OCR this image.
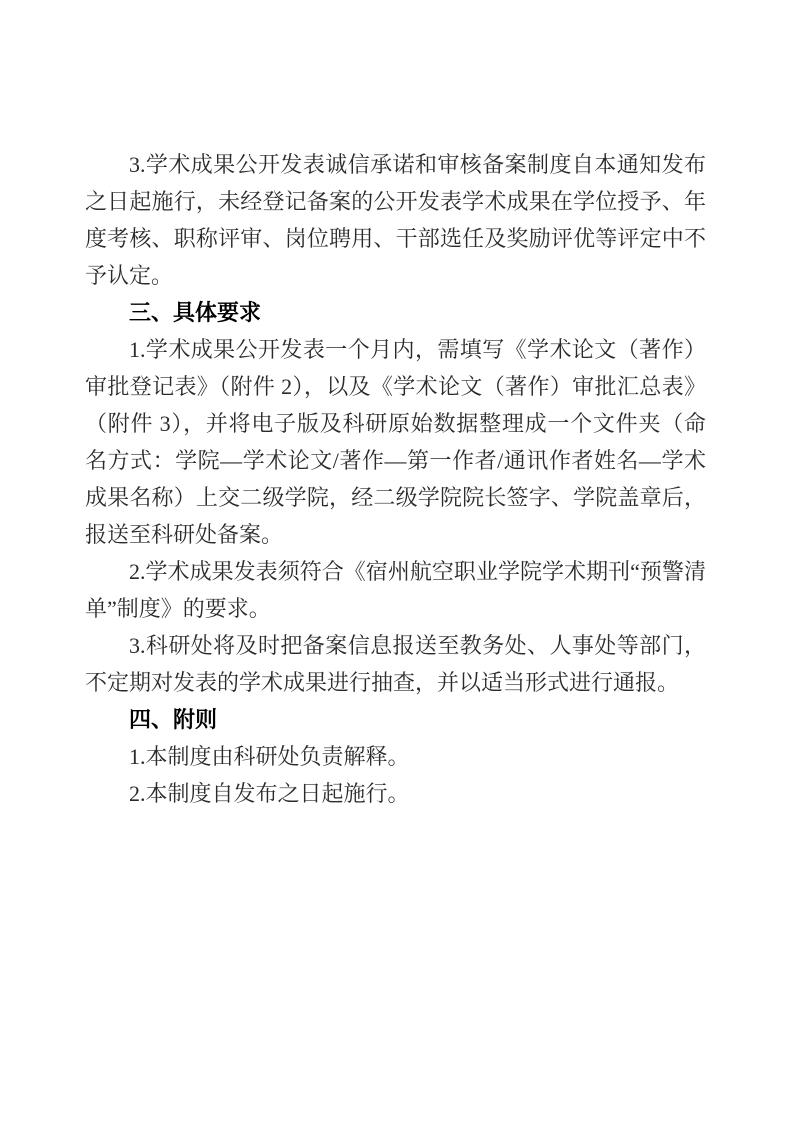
3.学术成果公开发表诚信承诺和审核备案制度自本通知发布之日起施行，未经登记备案的公开发表学术成果在学位授予、年度考核、职称评审、岗位聘用、干部选任及奖励评优等评定中不予认定。
三、具体要求
1.学术成果公开发表一个月内，需填写《学术论文（著作）审批登记表》（附件 2），以及《学术论文（著作）审批汇总表》（附件 3），并将电子版及科研原始数据整理成一个文件夹（命名方式：学院—学术论文/著作—第一作者/通讯作者姓名—学术成果名称）上交二级学院，经二级学院院长签字、学院盖章后，报送至科研处备案。
2.学术成果发表须符合《宿州航空职业学院学术期刊“预警清单”制度》的要求。
3.科研处将及时把备案信息报送至教务处、人事处等部门，不定期对发表的学术成果进行抽查，并以适当形式进行通报。
四、附则
1.本制度由科研处负责解释。
2.本制度自发布之日起施行。
